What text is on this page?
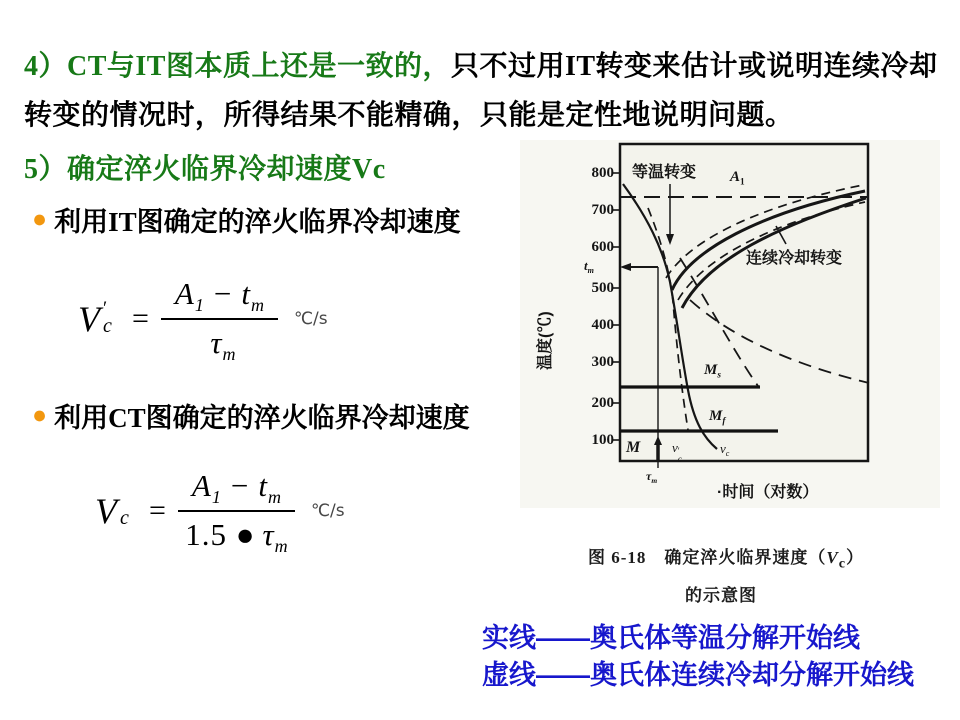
4）CT与IT图本质上还是一致的，只不过用IT转变来估计或说明连续冷却转变的情况时，所得结果不能精确，只能是定性地说明问题。

5）确定淬火临界冷却速度Vc
● 利用IT图确定的淬火临界冷却速度
V ′
$c = \frac{\text{A 1 − t m}}{\text{τ m}}$ ℃/s
● 利用CT图确定的淬火临界冷却速度
V $c = \frac{\text{A 1 − t m}}{\text{1.5 ● τ m}}$ ℃/s
800
700
600
500
400
300
200
100
$t_m$
温度(℃)
·时间（对数）
等温转变 $A_1$
连续冷却转变
$M_s$
$M_f$
M v ′
c
$v_c$
$\tau_m$
图 6-18　确定淬火临界速度$(V_c)$
的示意图
实线——奥氏体等温分解开始线
虚线——奥氏体连续冷却分解开始线
